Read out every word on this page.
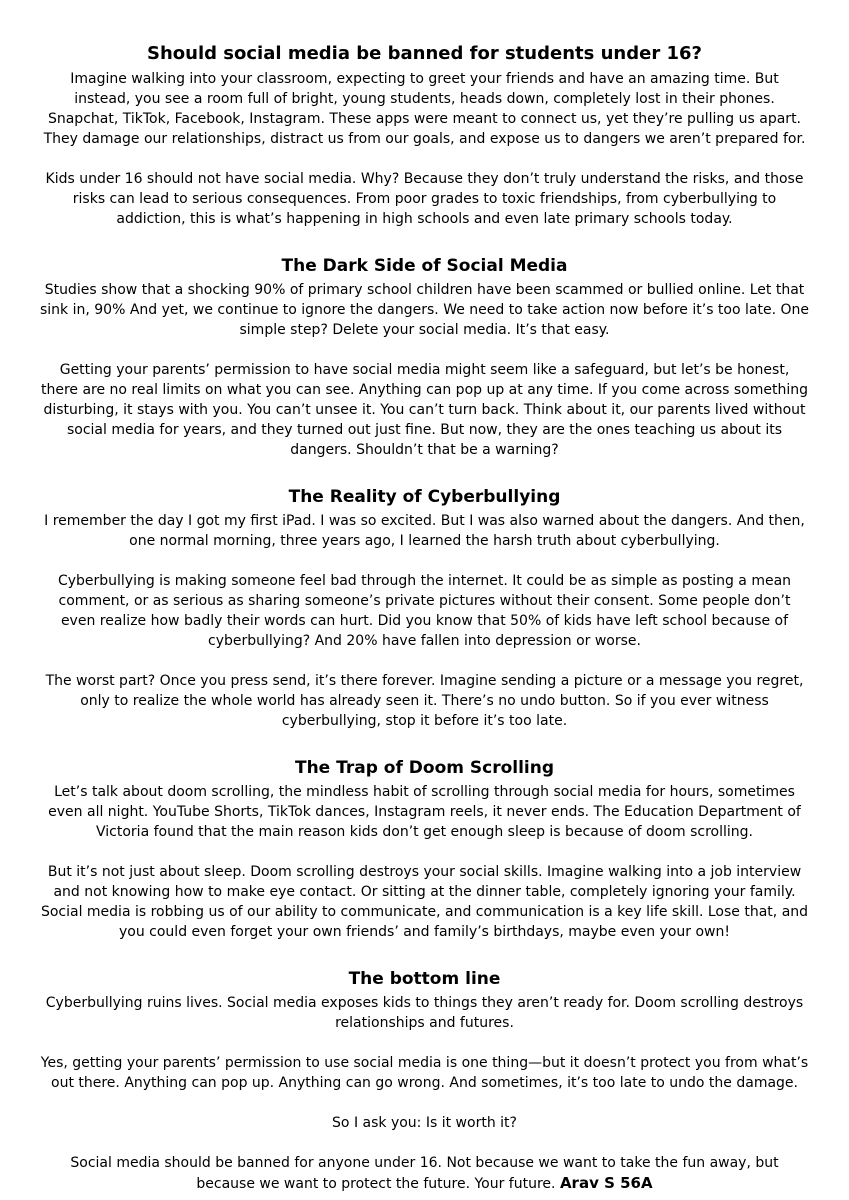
Should social media be banned for students under 16?

Imagine walking into your classroom, expecting to greet your friends and have an amazing time. But instead, you see a room full of bright, young students, heads down, completely lost in their phones. Snapchat, TikTok, Facebook, Instagram. These apps were meant to connect us, yet they’re pulling us apart. They damage our relationships, distract us from our goals, and expose us to dangers we aren’t prepared for.

Kids under 16 should not have social media. Why? Because they don’t truly understand the risks, and those risks can lead to serious consequences. From poor grades to toxic friendships, from cyberbullying to addiction, this is what’s happening in high schools and even late primary schools today.

The Dark Side of Social Media

Studies show that a shocking 90% of primary school children have been scammed or bullied online. Let that sink in, 90% And yet, we continue to ignore the dangers. We need to take action now before it’s too late. One simple step? Delete your social media. It’s that easy.

Getting your parents’ permission to have social media might seem like a safeguard, but let’s be honest, there are no real limits on what you can see. Anything can pop up at any time. If you come across something disturbing, it stays with you. You can’t unsee it. You can’t turn back. Think about it, our parents lived without social media for years, and they turned out just fine. But now, they are the ones teaching us about its dangers. Shouldn’t that be a warning?

The Reality of Cyberbullying

I remember the day I got my first iPad. I was so excited. But I was also warned about the dangers. And then, one normal morning, three years ago, I learned the harsh truth about cyberbullying.

Cyberbullying is making someone feel bad through the internet. It could be as simple as posting a mean comment, or as serious as sharing someone’s private pictures without their consent. Some people don’t even realize how badly their words can hurt. Did you know that 50% of kids have left school because of cyberbullying? And 20% have fallen into depression or worse.

The worst part? Once you press send, it’s there forever. Imagine sending a picture or a message you regret, only to realize the whole world has already seen it. There’s no undo button. So if you ever witness cyberbullying, stop it before it’s too late.

The Trap of Doom Scrolling

Let’s talk about doom scrolling, the mindless habit of scrolling through social media for hours, sometimes even all night. YouTube Shorts, TikTok dances, Instagram reels, it never ends. The Education Department of Victoria found that the main reason kids don’t get enough sleep is because of doom scrolling.

But it’s not just about sleep. Doom scrolling destroys your social skills. Imagine walking into a job interview and not knowing how to make eye contact. Or sitting at the dinner table, completely ignoring your family. Social media is robbing us of our ability to communicate, and communication is a key life skill. Lose that, and you could even forget your own friends’ and family’s birthdays, maybe even your own!

The bottom line

Cyberbullying ruins lives. Social media exposes kids to things they aren’t ready for. Doom scrolling destroys relationships and futures.

Yes, getting your parents’ permission to use social media is one thing—but it doesn’t protect you from what’s out there. Anything can pop up. Anything can go wrong. And sometimes, it’s too late to undo the damage.

So I ask you: Is it worth it?

Social media should be banned for anyone under 16. Not because we want to take the fun away, but because we want to protect the future. Your future. Arav S 56A
